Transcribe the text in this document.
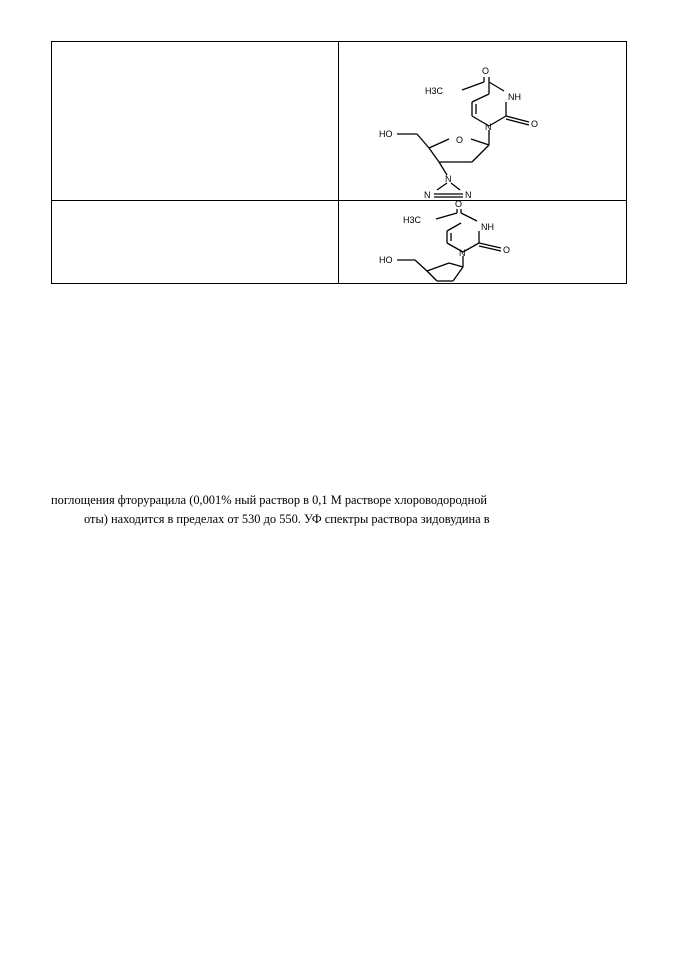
H3C
O
NH
O
N
HO
O
N
N	N
H3C
O
NH
O
N
HO

поглощения фторурацила (0,001% ный раствор в 0,1 М растворе хлороводородной

оты) находится в пределах от 530 до 550. УФ спектры раствора зидовудина в
